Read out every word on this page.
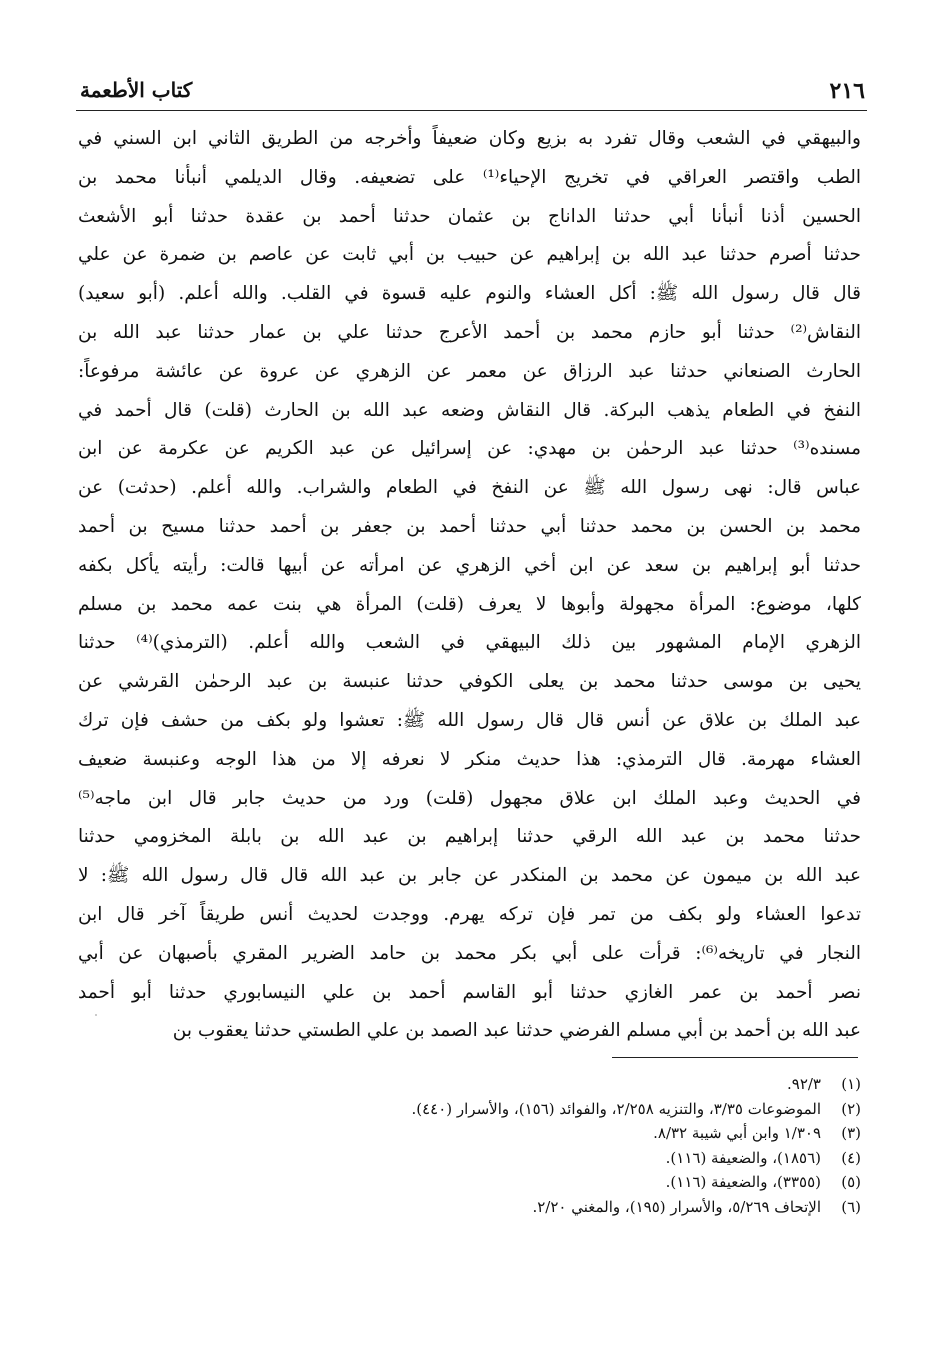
كتاب الأطعمة	٢١٦
والبيهقي في الشعب وقال تفرد به بزيع وكان ضعيفاً وأخرجه من الطريق الثاني ابن السني في
الطب واقتصر العراقي في تخريج الإحياء⁽¹⁾ على تضعيفه. وقال الديلمي أنبأنا محمد بن
الحسين أذنا أنبأنا أبي حدثنا الداناج بن عثمان حدثنا أحمد بن عقدة حدثنا أبو الأشعث
حدثنا أصرم حدثنا عبد الله بن إبراهيم عن حبيب بن أبي ثابت عن عاصم بن ضمرة عن علي
قال قال رسول الله ﷺ: أكل العشاء والنوم عليه قسوة في القلب. والله أعلم. (أبو سعيد)
النقاش⁽²⁾ حدثنا أبو حازم محمد بن أحمد الأعرج حدثنا علي بن عمار حدثنا عبد الله بن
الحارث الصنعاني حدثنا عبد الرزاق عن معمر عن الزهري عن عروة عن عائشة مرفوعاً:
النفخ في الطعام يذهب البركة. قال النقاش وضعه عبد الله بن الحارث (قلت) قال أحمد في
مسنده⁽³⁾ حدثنا عبد الرحمٰن بن مهدي: عن إسرائيل عن عبد الكريم عن عكرمة عن ابن
عباس قال: نهى رسول الله ﷺ عن النفخ في الطعام والشراب. والله أعلم. (حدثت) عن
محمد بن الحسن بن محمد حدثنا أبي حدثنا أحمد بن جعفر بن أحمد حدثنا مسيح بن أحمد
حدثنا أبو إبراهيم بن سعد عن ابن أخي الزهري عن امرأته عن أبيها قالت: رأيته يأكل بكفه
كلها، موضوع: المرأة مجهولة وأبوها لا يعرف (قلت) المرأة هي بنت عمه محمد بن مسلم
الزهري الإمام المشهور بين ذلك البيهقي في الشعب والله أعلم. (الترمذي)⁽⁴⁾ حدثنا
يحيى بن موسى حدثنا محمد بن يعلى الكوفي حدثنا عنبسة بن عبد الرحمٰن القرشي عن
عبد الملك بن علاق عن أنس قال قال رسول الله ﷺ: تعشوا ولو بكف من حشف فإن ترك
العشاء مهرمة. قال الترمذي: هذا حديث منكر لا نعرفه إلا من هذا الوجه وعنبسة ضعيف
في الحديث وعبد الملك ابن علاق مجهول (قلت) ورد من حديث جابر قال ابن ماجه⁽⁵⁾
حدثنا محمد بن عبد الله الرقي حدثنا إبراهيم بن عبد الله بن بابلة المخزومي حدثنا
عبد الله بن ميمون عن محمد بن المنكدر عن جابر بن عبد الله قال قال رسول الله ﷺ: لا
تدعوا العشاء ولو بكف من تمر فإن تركه يهرم. ووجدت لحديث أنس طريقاً آخر قال ابن
النجار في تاريخه⁽⁶⁾: قرأت على أبي بكر محمد بن حامد الضرير المقري بأصبهان عن أبي
نصر أحمد بن عمر الغازي حدثنا أبو القاسم أحمد بن علي النيسابوري حدثنا أبو أحمد
عبد الله بن أحمد بن أبي مسلم الفرضي حدثنا عبد الصمد بن علي الطستي حدثنا يعقوب بن
(١)
٩٢/٣.
(٢)
الموضوعات ٣/٣٥، والتنزيه ٢/٢٥٨، والفوائد (١٥٦)، والأسرار (٤٤٠).
(٣)
١/٣٠٩ وابن أبي شيبة ٨/٣٢.
(٤)
(١٨٥٦)، والضعيفة (١١٦).
(٥)
(٣٣٥٥)، والضعيفة (١١٦).
(٦)
الإتحاف ٥/٢٦٩، والأسرار (١٩٥)، والمغني ٢/٢٠.
